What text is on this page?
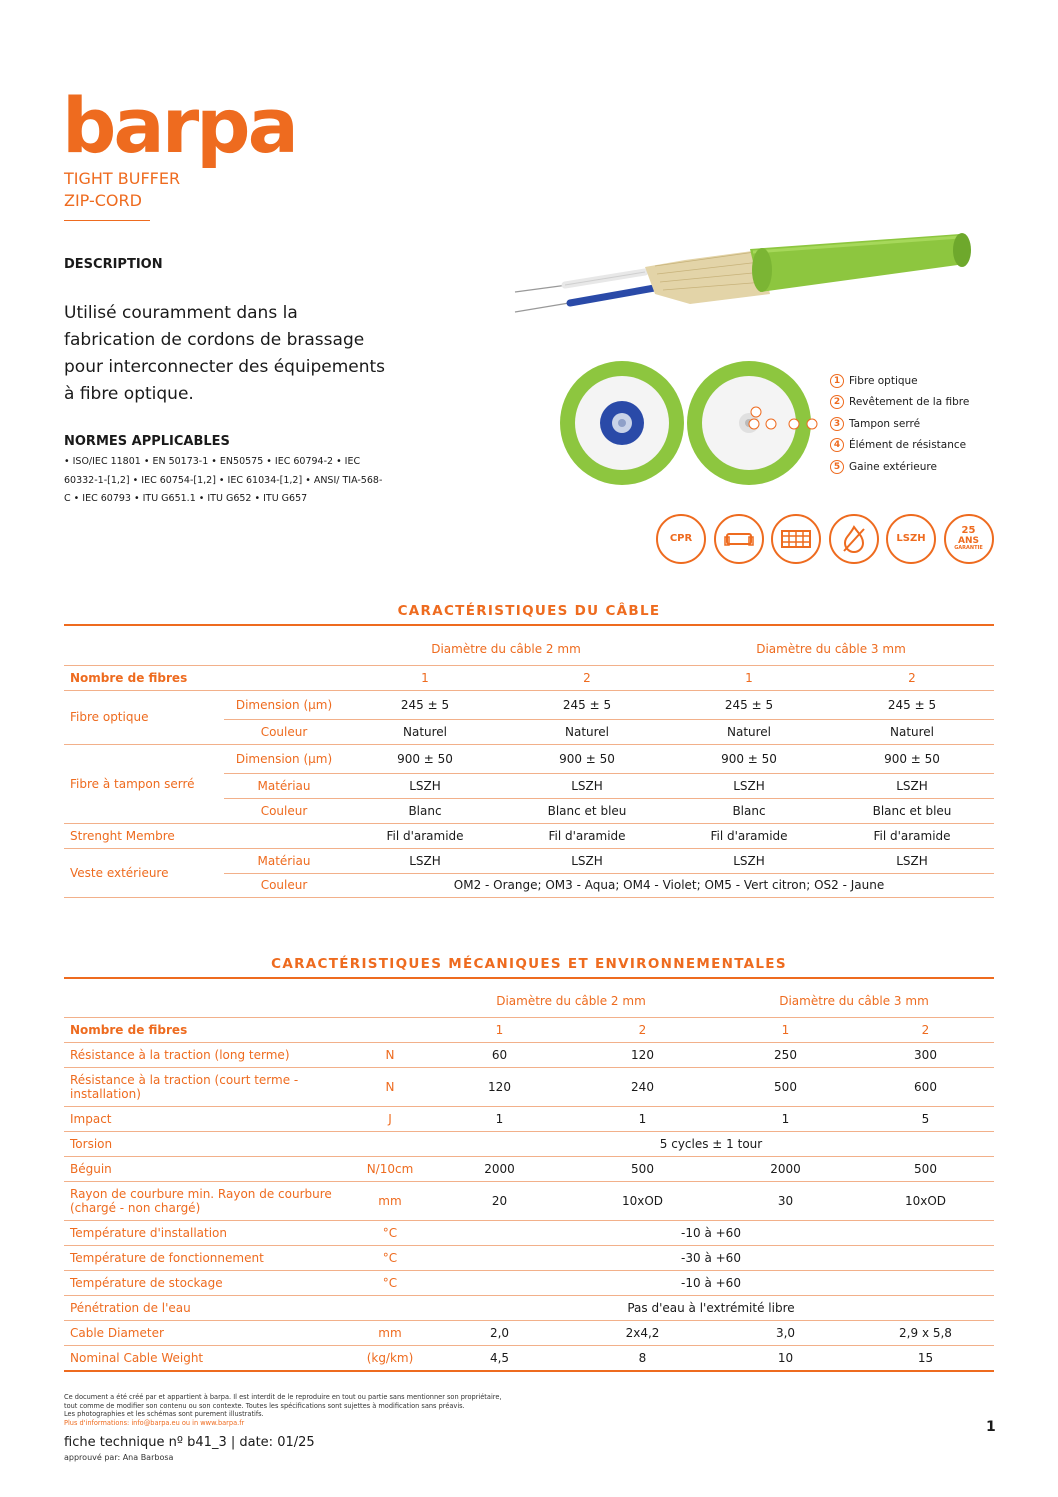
barpa
TIGHT BUFFER
ZIP-CORD
DESCRIPTION
Utilisé couramment dans la fabrication de cordons de brassage pour interconnecter des équipements à fibre optique.
NORMES APPLICABLES
• ISO/IEC 11801 • EN 50173-1 • EN50575 • IEC 60794-2 • IEC 60332-1-[1,2] • IEC 60754-[1,2] • IEC 61034-[1,2] • ANSI/ TIA-568-C • IEC 60793 • ITU G651.1 • ITU G652 • ITU G657
1 Fibre optique
2 Revêtement de la fibre
3 Tampon serré
4 Élément de résistance
5 Gaine extérieure
CPR	LSZH
25
ANS
GARANTIE
CARACTÉRISTIQUES DU CÂBLE
		Diamètre du câble 2 mm		Diamètre du câble 3 mm	
Nombre de fibres		1	2	1	2
Fibre optique	Dimension (μm)	245 ± 5	245 ± 5	245 ± 5	245 ± 5
	Couleur	Naturel	Naturel	Naturel	Naturel
Fibre à tampon serré	Dimension (μm)	900 ± 50	900 ± 50	900 ± 50	900 ± 50
	Matériau	LSZH	LSZH	LSZH	LSZH
	Couleur	Blanc	Blanc et bleu	Blanc	Blanc et bleu
Strenght Membre		Fil d'aramide	Fil d'aramide	Fil d'aramide	Fil d'aramide
Veste extérieure	Matériau	LSZH	LSZH	LSZH	LSZH
	Couleur	OM2 - Orange; OM3 - Aqua; OM4 - Violet; OM5 - Vert citron; OS2 - Jaune			
CARACTÉRISTIQUES MÉCANIQUES ET ENVIRONNEMENTALES
		Diamètre du câble 2 mm		Diamètre du câble 3 mm	
Nombre de fibres		1	2	1	2
Résistance à la traction (long terme)	N	60	120	250	300
Résistance à la traction (court terme - installation)	N	120	240	500	600
Impact	J	1	1	1	5
Torsion		5 cycles ± 1 tour			
Béguin	N/10cm	2000	500	2000	500
Rayon de courbure min. Rayon de courbure (chargé - non chargé)	mm	20	10xOD	30	10xOD
Température d'installation	°C	-10 à +60			
Température de fonctionnement	°C	-30 à +60			
Température de stockage	°C	-10 à +60			
Pénétration de l'eau		Pas d'eau à l'extrémité libre			
Cable Diameter	mm	2,0	2x4,2	3,0	2,9 x 5,8
Nominal Cable Weight	(kg/km)	4,5	8	10	15
Ce document a été créé par et appartient à barpa. Il est interdit de le reproduire en tout ou partie sans mentionner son propriétaire,
tout comme de modifier son contenu ou son contexte. Toutes les spécifications sont sujettes à modification sans préavis.
Les photographies et les schémas sont purement illustratifs.
Plus d'informations: info@barpa.eu ou in www.barpa.fr
fiche technique nº b41_3 | date: 01/25
approuvé par: Ana Barbosa
1
